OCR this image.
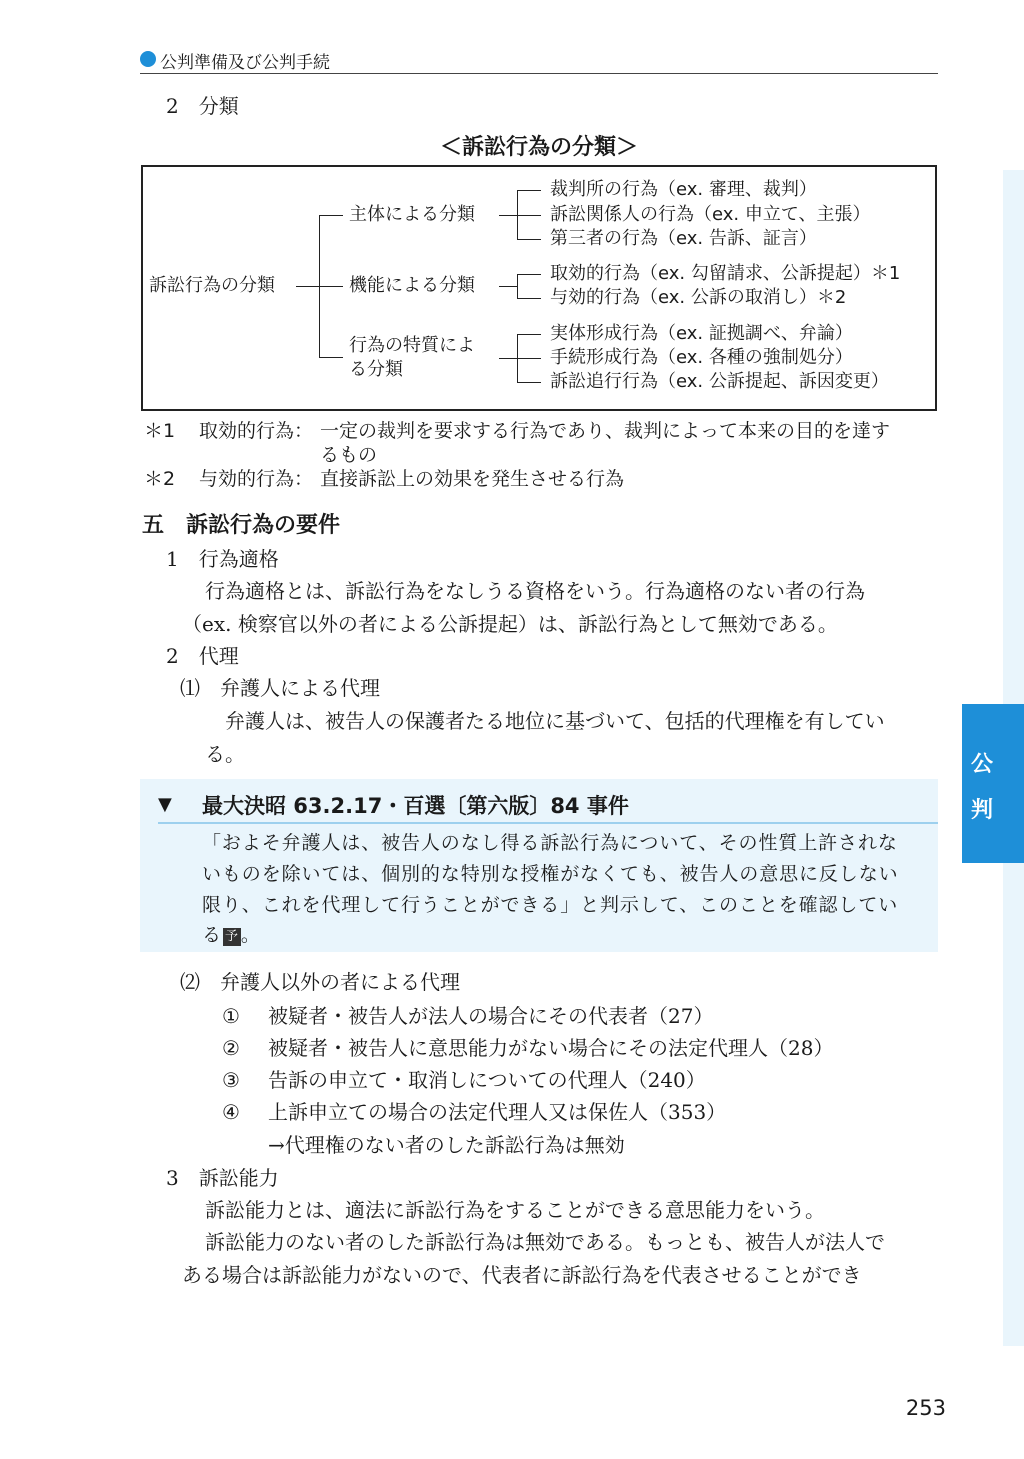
公判準備及び公判手続
公判
2　分類
＜訴訟行為の分類＞
訴訟行為の分類
主体による分類
機能による分類
行為の特質によ
る分類
裁判所の行為（ex. 審理、裁判）
訴訟関係人の行為（ex. 申立て、主張）
第三者の行為（ex. 告訴、証言）
取効的行為（ex. 勾留請求、公訴提起）＊1
与効的行為（ex. 公訴の取消し）＊2
実体形成行為（ex. 証拠調べ、弁論）
手続形成行為（ex. 各種の強制処分）
訴訟追行行為（ex. 公訴提起、訴因変更）
＊1 取効的行為： 一定の裁判を要求する行為であり、裁判によって本来の目的を達す
るもの
＊2 与効的行為： 直接訴訟上の効果を発生させる行為
五　訴訟行為の要件
1　行為適格
行為適格とは、訴訟行為をなしうる資格をいう。行為適格のない者の行為
（ex. 検察官以外の者による公訴提起）は、訴訟行為として無効である。
2　代理
⑴　弁護人による代理
弁護人は、被告人の保護者たる地位に基づいて、包括的代理権を有してい
る。
▼ 最大決昭 63.2.17・百選〔第六版〕84 事件
「およそ弁護人は、被告人のなし得る訴訟行為について、その性質上許されな
いものを除いては、個別的な特別な授権がなくても、被告人の意思に反しない
限り、これを代理して行うことができる」と判示して、このことを確認してい
る 予 。
⑵　弁護人以外の者による代理
① 被疑者・被告人が法人の場合にその代表者（27）
② 被疑者・被告人に意思能力がない場合にその法定代理人（28）
③ 告訴の申立て・取消しについての代理人（240）
④ 上訴申立ての場合の法定代理人又は保佐人（353）
→代理権のない者のした訴訟行為は無効
3　訴訟能力
訴訟能力とは、適法に訴訟行為をすることができる意思能力をいう。
訴訟能力のない者のした訴訟行為は無効である。もっとも、被告人が法人で
ある場合は訴訟能力がないので、代表者に訴訟行為を代表させることができ
253
